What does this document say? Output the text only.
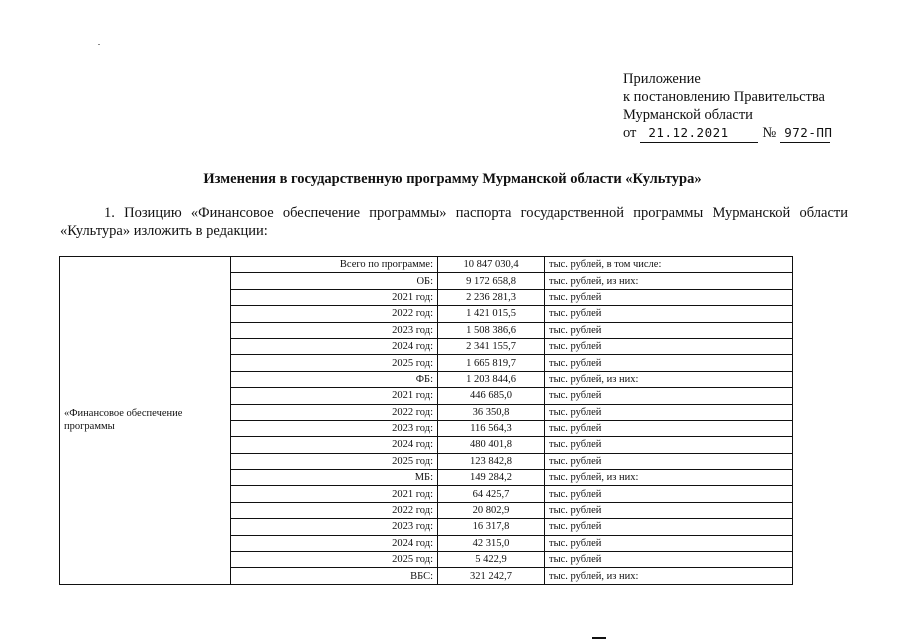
Приложение
к постановлению Правительства
Мурманской области
от 21.12.2021	№ 972-ПП
Изменения в государственную программу Мурманской области «Культура»
1. Позицию «Финансовое обеспечение программы» паспорта государственной программы Мурманской области «Культура» изложить в редакции:
«Финансовое обеспечение программы	Всего по программе:	10 847 030,4	тыс. рублей, в том числе:
	ОБ:	9 172 658,8	тыс. рублей, из них:
	2021 год:	2 236 281,3	тыс. рублей
	2022 год:	1 421 015,5	тыс. рублей
	2023 год:	1 508 386,6	тыс. рублей
	2024 год:	2 341 155,7	тыс. рублей
	2025 год:	1 665 819,7	тыс. рублей
	ФБ:	1 203 844,6	тыс. рублей, из них:
	2021 год:	446 685,0	тыс. рублей
	2022 год:	36 350,8	тыс. рублей
	2023 год:	116 564,3	тыс. рублей
	2024 год:	480 401,8	тыс. рублей
	2025 год:	123 842,8	тыс. рублей
	МБ:	149 284,2	тыс. рублей, из них:
	2021 год:	64 425,7	тыс. рублей
	2022 год:	20 802,9	тыс. рублей
	2023 год:	16 317,8	тыс. рублей
	2024 год:	42 315,0	тыс. рублей
	2025 год:	5 422,9	тыс. рублей
	ВБС:	321 242,7	тыс. рублей, из них:
